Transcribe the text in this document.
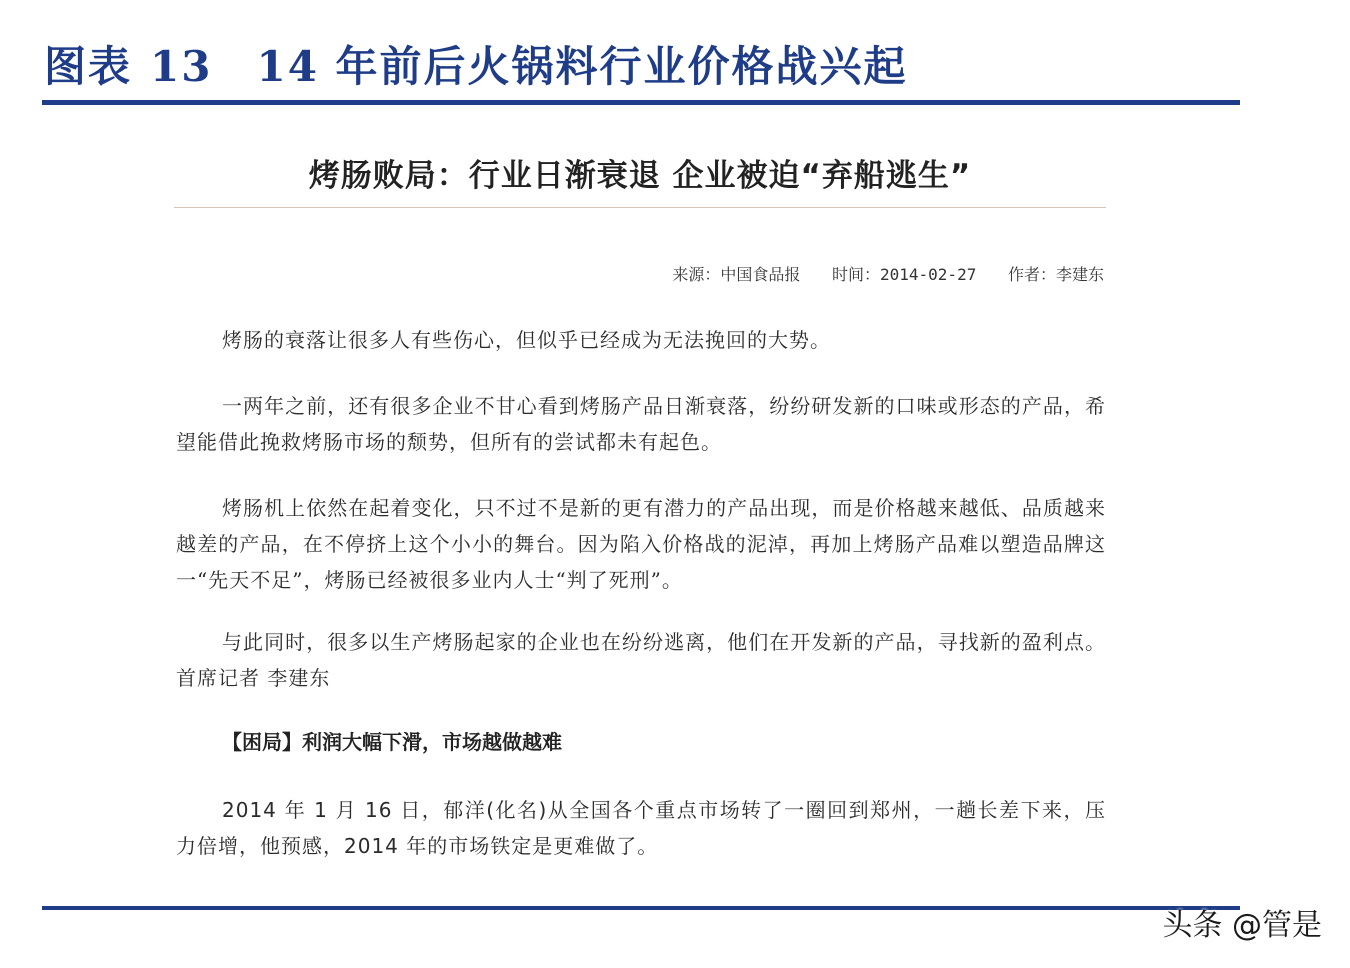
图表 13 14 年前后火锅料行业价格战兴起
烤肠败局：行业日渐衰退 企业被迫“弃船逃生”
来源：中国食品报 时间：2014-02-27 作者：李建东
烤肠的衰落让很多人有些伤心，但似乎已经成为无法挽回的大势。
一两年之前，还有很多企业不甘心看到烤肠产品日渐衰落，纷纷研发新的口味或形态的产品，希望能借此挽救烤肠市场的颓势，但所有的尝试都未有起色。
烤肠机上依然在起着变化，只不过不是新的更有潜力的产品出现，而是价格越来越低、品质越来越差的产品，在不停挤上这个小小的舞台。因为陷入价格战的泥淖，再加上烤肠产品难以塑造品牌这一“先天不足”，烤肠已经被很多业内人士“判了死刑”。
与此同时，很多以生产烤肠起家的企业也在纷纷逃离，他们在开发新的产品，寻找新的盈利点。首席记者 李建东
【困局】利润大幅下滑，市场越做越难
2014 年 1 月 16 日，郁洋(化名)从全国各个重点市场转了一圈回到郑州，一趟长差下来，压力倍增，他预感，2014 年的市场铁定是更难做了。
头条 @管是
